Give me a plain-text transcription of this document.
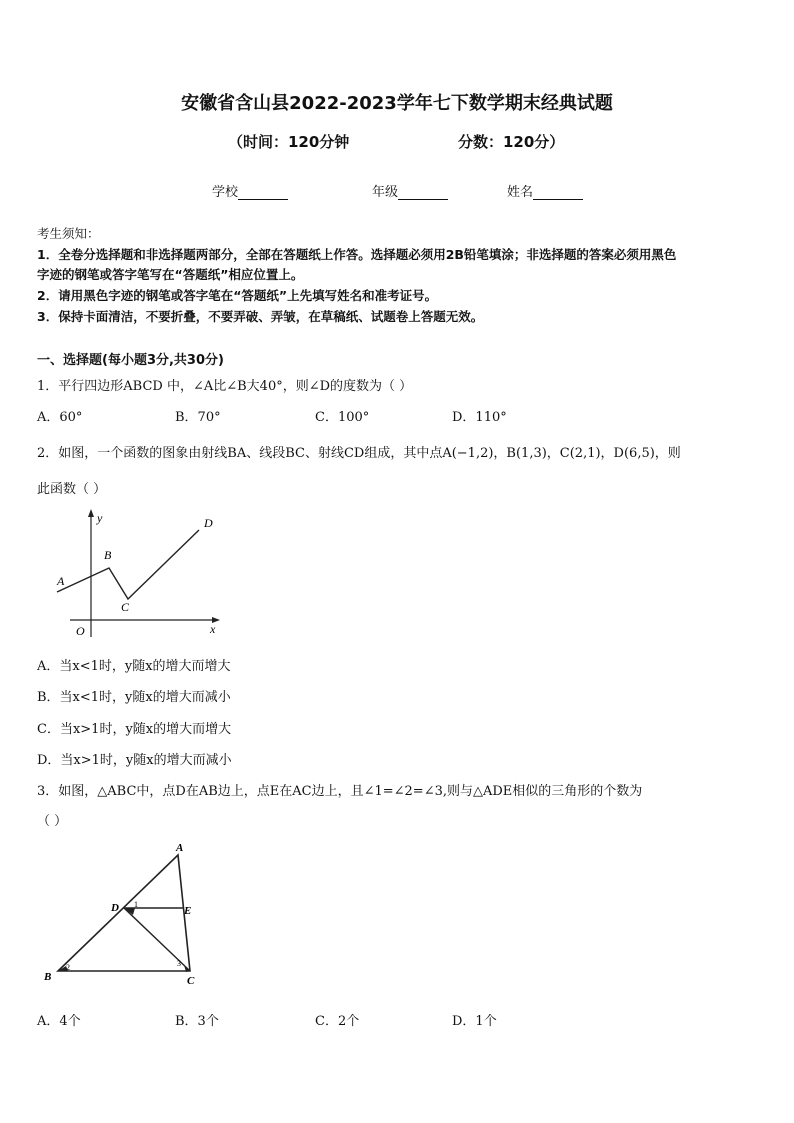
安徽省含山县2022-2023学年七下数学期末经典试题
（时间：120分钟	分数：120分）
学校	年级	姓名
考生须知：
1．全卷分选择题和非选择题两部分，全部在答题纸上作答。选择题必须用2B铅笔填涂；非选择题的答案必须用黑色
字迹的钢笔或答字笔写在“答题纸”相应位置上。
2．请用黑色字迹的钢笔或答字笔在“答题纸”上先填写姓名和准考证号。
3．保持卡面清洁，不要折叠，不要弄破、弄皱，在草稿纸、试题卷上答题无效。
一、选择题(每小题3分,共30分)
1．平行四边形ABCD 中，∠A比∠B大40°，则∠D的度数为（ ）
A．60°	B．70°	C．100°	D．110°
2．如图，一个函数的图象由射线BA、线段BC、射线CD组成，其中点A(−1,2)，B(1,3)，C(2,1)，D(6,5)，则
此函数（ ）
y
x
O
A
B
C
D
A．当x<1时，y随x的增大而增大
B．当x<1时，y随x的增大而减小
C．当x>1时，y随x的增大而增大
D．当x>1时，y随x的增大而减小
3．如图，△ABC中，点D在AB边上，点E在AC边上，且∠1=∠2=∠3,则与△ADE相似的三角形的个数为
（ ）
A
B	C
D	E
1
2	3
A．4个	B．3个	C．2个	D．1个
